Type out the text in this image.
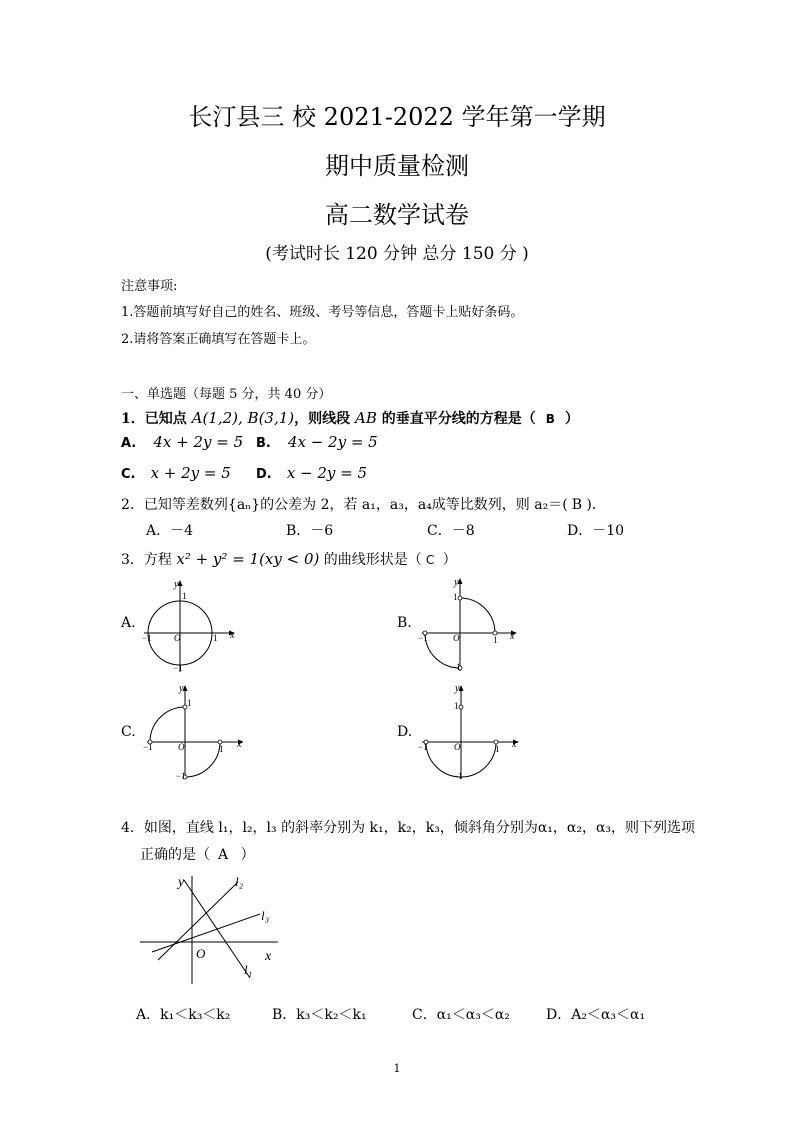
长汀县三 校 2021-2022 学年第一学期
期中质量检测
高二数学试卷
(考试时长 120 分钟 总分 150 分 )
注意事项:
1.答题前填写好自己的姓名、班级、考号等信息，答题卡上贴好条码。
2.请将答案正确填写在答题卡上。
一、单选题（每题 5 分，共 40 分）
1．已知点 A(1,2), B(3,1)，则线段 AB 的垂直平分线的方程是（ B ）
A. 4x + 2y = 5 B. 4x − 2y = 5
C. x + 2y = 5 D. x − 2y = 5
2．已知等差数列{aₙ}的公差为 2，若 a₁，a₃，a₄成等比数列，则 a₂＝( B )．
A．－4	B．－6	C．－8	D．－10
3．方程 x² + y² = 1(xy < 0) 的曲线形状是（ C ）
A.	B.
C.	D.
y
x
O
1
1
−1
−1
y
x
O
1
1
−1
−1
y
x
O
1
1
−1
−1
y
x
O
1
1
−1
−1
4．如图，直线 l₁，l₂，l₃ 的斜率分别为 k₁，k₂，k₃，倾斜角分别为α₁，α₂，α₃，则下列选项
正确的是（ A ）
y
x
O
l₂
l₃
l₁
A．k₁＜k₃＜k₂	B．k₃＜k₂＜k₁	C．α₁＜α₃＜α₂	D．A₂＜α₃＜α₁
1
